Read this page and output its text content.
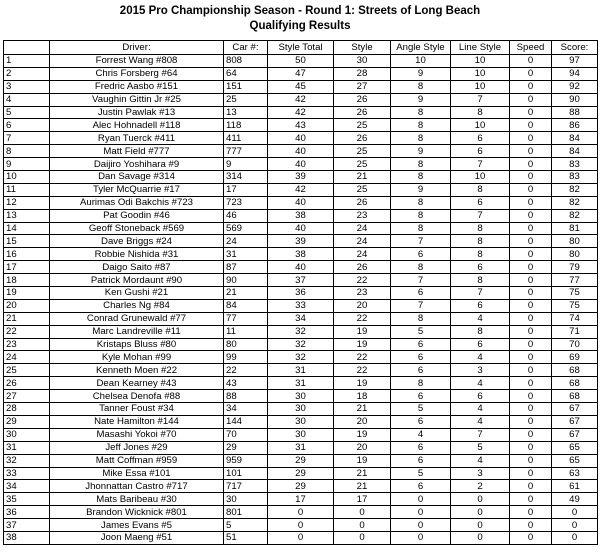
2015 Pro Championship Season - Round 1: Streets of Long Beach
Qualifying Results
	Driver:	Car #:	Style Total	Style	Angle Style	Line Style	Speed	Score:
1	Forrest Wang #808	808	50	30	10	10	0	97
2	Chris Forsberg #64	64	47	28	9	10	0	94
3	Fredric Aasbo #151	151	45	27	8	10	0	92
4	Vaughin Gittin Jr #25	25	42	26	9	7	0	90
5	Justin Pawlak #13	13	42	26	8	8	0	88
6	Alec Hohnadell #118	118	43	25	8	10	0	86
7	Ryan Tuerck #411	411	40	26	8	6	0	84
8	Matt Field #777	777	40	25	9	6	0	84
9	Daijiro Yoshihara #9	9	40	25	8	7	0	83
10	Dan Savage #314	314	39	21	8	10	0	83
11	Tyler McQuarrie #17	17	42	25	9	8	0	82
12	Aurimas Odi Bakchis #723	723	40	26	8	6	0	82
13	Pat Goodin #46	46	38	23	8	7	0	82
14	Geoff Stoneback #569	569	40	24	8	8	0	81
15	Dave Briggs #24	24	39	24	7	8	0	80
16	Robbie Nishida #31	31	38	24	6	8	0	80
17	Daigo Saito #87	87	40	26	8	6	0	79
18	Patrick Mordaunt #90	90	37	22	7	8	0	77
19	Ken Gushi #21	21	36	23	6	7	0	75
20	Charles Ng #84	84	33	20	7	6	0	75
21	Conrad Grunewald #77	77	34	22	8	4	0	74
22	Marc Landreville #11	11	32	19	5	8	0	71
23	Kristaps Bluss #80	80	32	19	6	6	0	70
24	Kyle Mohan #99	99	32	22	6	4	0	69
25	Kenneth Moen #22	22	31	22	6	3	0	68
26	Dean Kearney #43	43	31	19	8	4	0	68
27	Chelsea Denofa #88	88	30	18	6	6	0	68
28	Tanner Foust #34	34	30	21	5	4	0	67
29	Nate Hamilton #144	144	30	20	6	4	0	67
30	Masashi Yokoi #70	70	30	19	4	7	0	67
31	Jeff Jones #29	29	31	20	6	5	0	65
32	Matt Coffman #959	959	29	19	6	4	0	65
33	Mike Essa #101	101	29	21	5	3	0	63
34	Jhonnattan Castro #717	717	29	21	6	2	0	61
35	Mats Baribeau #30	30	17	17	0	0	0	49
36	Brandon Wicknick #801	801	0	0	0	0	0	0
37	James Evans #5	5	0	0	0	0	0	0
38	Joon Maeng #51	51	0	0	0	0	0	0
